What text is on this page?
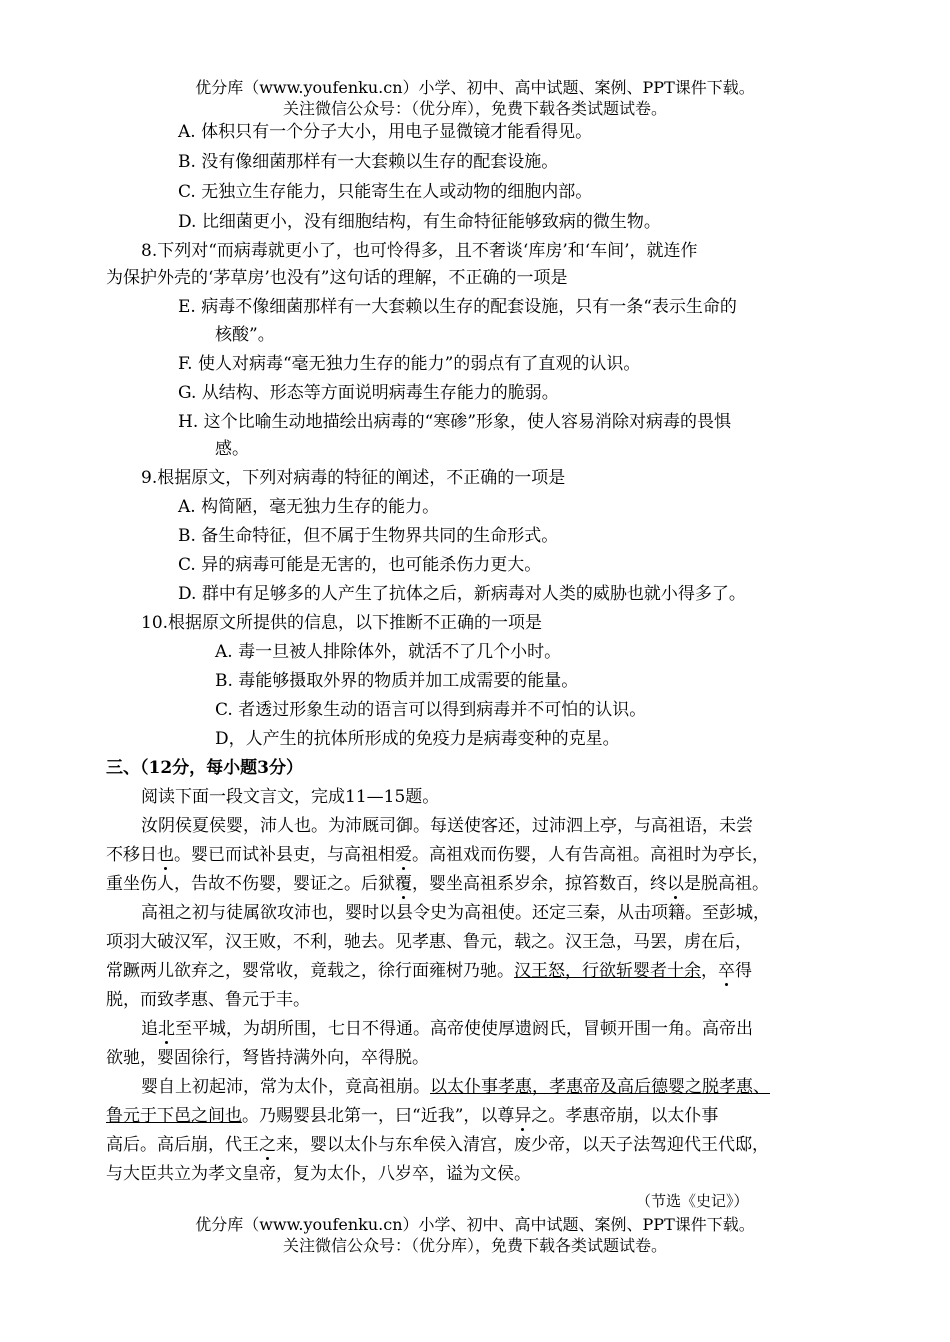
优分库（www.youfenku.cn）小学、初中、高中试题、案例、PPT课件下载。
关注微信公众号：（优分库），免费下载各类试题试卷。
A. 体积只有一个分子大小，用电子显微镜才能看得见。
B. 没有像细菌那样有一大套赖以生存的配套设施。
C. 无独立生存能力，只能寄生在人或动物的细胞内部。
D. 比细菌更小，没有细胞结构，有生命特征能够致病的微生物。
8.下列对“而病毒就更小了，也可怜得多，且不奢谈‘库房’和‘车间’，就连作
为保护外壳的‘茅草房’也没有”这句话的理解，不正确的一项是
E. 病毒不像细菌那样有一大套赖以生存的配套设施，只有一条“表示生命的
核酸”。
F. 使人对病毒“毫无独力生存的能力”的弱点有了直观的认识。
G. 从结构、形态等方面说明病毒生存能力的脆弱。
H. 这个比喻生动地描绘出病毒的“寒碜”形象，使人容易消除对病毒的畏惧
感。
9.根据原文，下列对病毒的特征的阐述，不正确的一项是
A. 构简陋，毫无独力生存的能力。
B. 备生命特征，但不属于生物界共同的生命形式。
C. 异的病毒可能是无害的，也可能杀伤力更大。
D. 群中有足够多的人产生了抗体之后，新病毒对人类的威胁也就小得多了。
10.根据原文所提供的信息，以下推断不正确的一项是
A. 毒一旦被人排除体外，就活不了几个小时。
B. 毒能够摄取外界的物质并加工成需要的能量。
C. 者透过形象生动的语言可以得到病毒并不可怕的认识。
D，人产生的抗体所形成的免疫力是病毒变种的克星。
三、（12分，每小题3分）
阅读下面一段文言文，完成11—15题。
汝阴侯夏侯婴，沛人也。为沛厩司御。每送使客还，过沛泗上亭，与高祖语，未尝
不移日也。婴已而试补县吏，与高祖相爱。高祖戏而伤婴，人有告高祖。高祖时为亭长，
重坐伤人，告故不伤婴，婴证之。后狱覆，婴坐高祖系岁余，掠笞数百，终以是脱高祖。
高祖之初与徒属欲攻沛也，婴时以县令史为高祖使。还定三秦，从击项籍。至彭城，
项羽大破汉军，汉王败，不利，驰去。见孝惠、鲁元，载之。汉王急，马罢，虏在后，
常蹶两儿欲弃之，婴常收，竟载之，徐行面雍树乃驰。汉王怒，行欲斩婴者十余，卒得
脱，而致孝惠、鲁元于丰。
追北至平城，为胡所围，七日不得通。高帝使使厚遗阏氏，冒顿开围一角。高帝出
欲驰，婴固徐行，弩皆持满外向，卒得脱。
婴自上初起沛，常为太仆，竟高祖崩。以太仆事孝惠，孝惠帝及高后德婴之脱孝惠、
鲁元于下邑之间也。乃赐婴县北第一，曰“近我”，以尊异之。孝惠帝崩，以太仆事
高后。高后崩，代王之来，婴以太仆与东牟侯入清宫，废少帝，以天子法驾迎代王代邸，
与大臣共立为孝文皇帝，复为太仆，八岁卒，谥为文侯。
（节选《史记》）
优分库（www.youfenku.cn）小学、初中、高中试题、案例、PPT课件下载。
关注微信公众号：（优分库），免费下载各类试题试卷。
